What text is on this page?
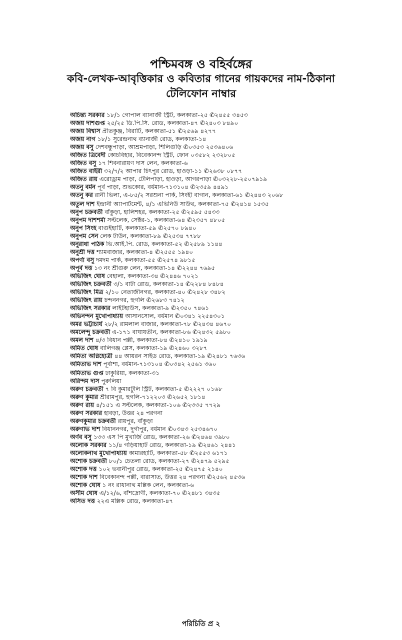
পশ্চিমবঙ্গ ও বহির্বঙ্গের
কবি-লেখক-আবৃত্তিকার ও কবিতার গানের গায়কদের নাম-ঠিকানা
টেলিফোন নাম্বার
অচিন্ত্য সরকার ১৮/১ গোপাল ব্যানার্জী স্ট্রিট, কলকাতা-২৫ ✆২৪৫৫ ৩৪৫৩
অজয় দাশগুপ্ত ২৫/২৫ ডি.পি.সি. রোড, কলকাতা-৪৭ ✆২৪০৩ ৮৪৯০
অজয় বিশ্বাস প্রীতকুঞ্জ, বিরাটি, কলকাতা-৫১ ✆২৫৬৯ ৪২৭৭
অজয় নাগ ১৮/১ সুরেন্দ্রনাথ ব্যানার্জী রোড, কলকাতা-১৪
অজয় বসু দেশবন্ধুপাড়া, আশ্রমপাড়া, শিলিগুড়ি ✆০৩৫৩ ২৫৩৬৪০৬
অজিত ত্রিবেদী কোচবিহার, বিবেকানন্দ স্ট্রিট, ফোন ০৩৫৮২ ২৩২৮০৫
অজিত বসু ১৭ শিবনারায়ণ দাস লেন, কলকাতা-৬
অজিত বাইরী ৩২/৭/২ আপার চিৎপুর রোড, হাওড়া-১১ ✆২৬৩৮ ০৮৭৭
অজিত রায় এরোড্রাম পাড়া, টেলিপাড়া, হাওড়া, আগরপাড়া ✆০৩২২৮-২৫০৭৯১৯
অতনু বর্মন পূর্ব পাড়া, শুভকোর, বর্ধমান-৭১৩১০৪ ✆২৩৫৯ ৪৪৯১
অতনু কর রানী ভিলা, এ-৮৫/২ সরশুনা পার্ক, সিংহী বাগান, কলকাতা-৬১ ✆২৪৪৩ ২০৬৮
অতুল দাশ ইন্দ্রানী অ্যাপার্টমেন্ট, ৪/১ এভিনিউ সাউথ, কলকাতা-৭৫ ✆২৪১৪ ১৫৩৫
অনুপ চক্রবর্তী বাঁকুড়া, হালিশহর, কলকাতা-২৫ ✆২৫৯৫ ৫৪৩৩
অনুপম দাশশর্মা সল্টলেক, সেক্টর-১, কলকাতা-৬৪ ✆২৩৫৭ ৪৮০৫
অনুপ সিংহ বাগুইহাটি, কলকাতা-৫৯ ✆২৫৭০ ৮৯৪০
অনুপম সেন লেক টাউন, কলকাতা-৮৯ ✆২৫৩৪ ৭৭৮৮
অনুরাধা পাঠক ভি.আই.পি. রোড, কলকাতা-৫২ ✆২৫৮৯ ১১৪৪
অনুশ্রী দত্ত শ্যামবাজার, কলকাতা-৪ ✆২৫৫৫ ১৯৪০
অপর্ণা বসু দমদম পার্ক, কলকাতা-৫৫ ✆২৫৭৪ ৯৮১৫
অপূর্ব দত্ত ১৩ নং শ্রীগুরু লেন, কলকাতা-১৪ ✆২২৪৪ ৭৬৯৫
অভিজিৎ ঘোষ বেহালা, কলকাতা-৩৪ ✆২৪৪৬ ৭০২১
অভিজিৎ চক্রবর্তী ৩/১ বাটা রোড, কলকাতা-১৪ ✆২২৮৪ ৮৪৮৪
অভিজিৎ মিত্র ২/১০ নেতাজীনগর, কলকাতা-৪০ ✆২৪২৮ ৩৪৮২
অভিজিৎ রায় চন্দননগর, হুগলি ✆২৬৮৩ ৭৪১২
অভিজিৎ সরকার লাইটহাউস, কলকাতা-৯ ✆২৩৫০ ৭৪৬১
অভিনন্দন মুখোপাধ্যায় আসানসোল, বর্ধমান ✆০৩৪১ ২২৫৪৩০১
অমর ভট্টাচার্য ২৮/২ রামলাল বাজার, কলকাতা-৭৮ ✆২৪৩৪ ৪৬৭০
অমলেন্দু চক্রবর্তী এ-১৭১ বাঘাযতীন, কলকাতা-৮৬ ✆২৪৩২ ৫৯৮০
অমল দাশ ৪/৩ বিধান পল্লী, কলকাতা-৮৪ ✆২৪১০ ১৯১৯
অমিত ঘোষ বালিগঞ্জ প্লেস, কলকাতা-১৯ ✆২৪৬০ ৩২৮৭
অমিতা অগ্নিহোত্রী ৪৪ আয়রন সাইড রোড, কলকাতা-১৯ ✆২৪৮১ ৭৬৩৬
অমিতাভ দাশ পূর্বাশা, বর্ধমান-৭১৩১০৪ ✆০৩৪২ ২৫৬১ ৩৬০
অমিতাভ গুপ্ত ঢাকুরিয়া, কলকাতা-৩১
অরিন্দম দাস পুরুলিয়া
অরুণ চক্রবর্তী ৭ বি কুমারটুলি স্ট্রিট, কলকাতা-৫ ✆২২২৭ ০১৬৮
অরুণ কুমার শ্রীরামপুর, হুগলি-৭১২২০৩ ✆২৬৫২ ১৮১৪
অরুণ রায় ৪/১৫১ এ সল্টলেক, কলকাতা-১০৬ ✆২৩৩৫ ৭৭২৯
অরুণ সরকার হাবড়া, উত্তর ২৪ পরগনা
অরুণকুমার চক্রবর্তী রায়পুর, বাঁকুড়া
অরুণাভ দাশ বিধাননগর, দুর্গাপুর, বর্ধমান ✆০৩৪৩ ২৫৩৪৬৭০
অর্ণব বসু ১৩৩ এস পি মুখার্জি রোড, কলকাতা-২৬ ✆২৪৬৪ ৩৯৮০
অলোক সরকার ১১/৪ গড়িয়াহাট রোড, কলকাতা-১৯ ✆২৪৬১ ২৪৪১
অলোকনাথ মুখোপাধ্যায় কামারহাটি, কলকাতা-৫৮ ✆২৫৫৩ ৬১৭১
অশোক চক্রবর্তী ৮০/১ চেতলা রোড, কলকাতা-২৭ ✆২৪৭৯ ৫২৯৫
অশোক দত্ত ১০২ ভবানীপুর রোড, কলকাতা-২৫ ✆২৪৭৫ ২১৪০
অশোক দাশ বিবেকানন্দ পল্লী, বারাসাত, উত্তর ২৪ পরগনা ✆২৫৬২ ৪৫৩৬
অশোক ঘোষ ১ নং রাধানাথ মল্লিক লেন, কলকাতা-৬
অসীম ঘোষ এ/১২/৬, বাঁশদ্রোণী, কলকাতা-৭০ ✆২৪৮১ ৩৪৩৫
অসিত দত্ত ২২এ মল্লিক রোড, কলকাতা-৪৭
পরিচিতি প্র ২
